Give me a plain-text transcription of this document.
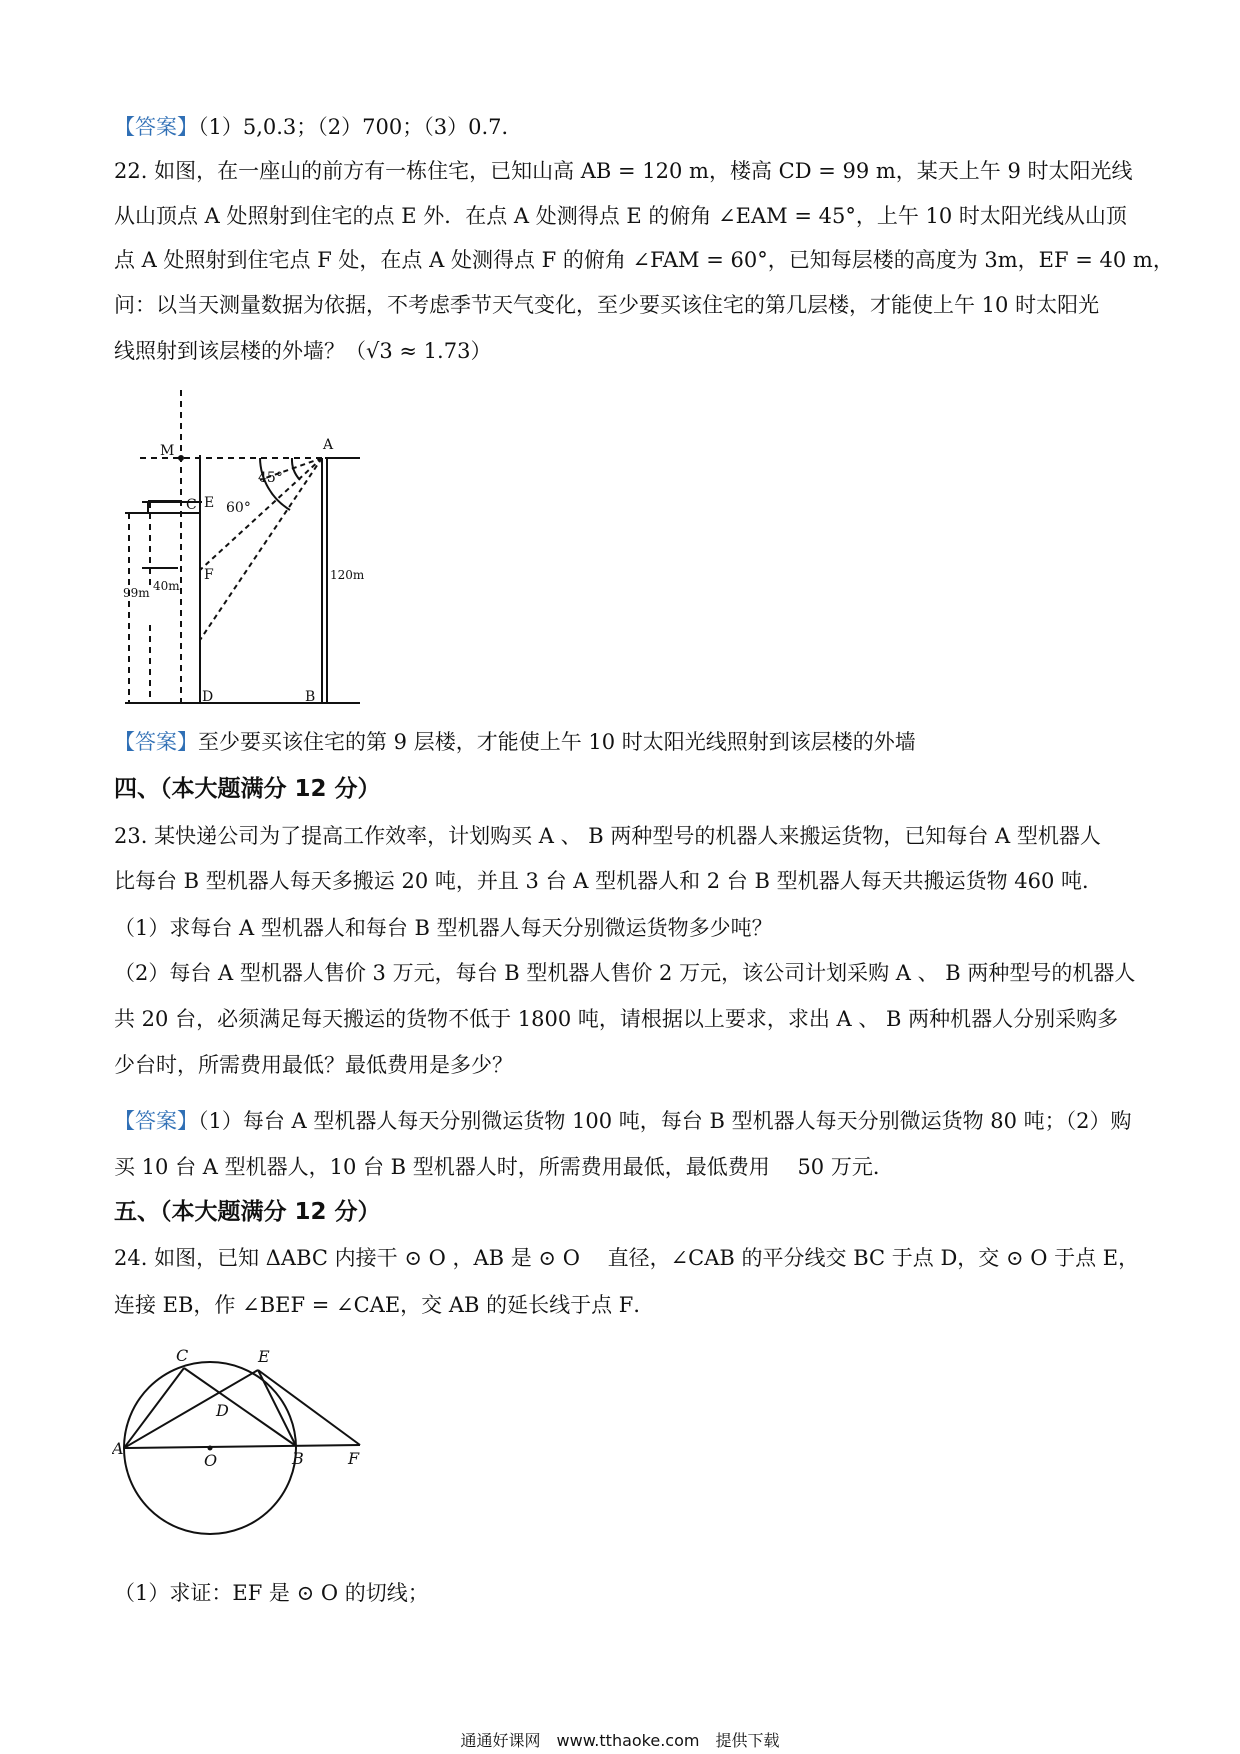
【答案】（1）5,0.3；（2）700；（3）0.7．
22. 如图，在一座山的前方有一栋住宅，已知山高 AB = 120 m，楼高 CD = 99 m，某天上午 9 时太阳光线
从山顶点 A 处照射到住宅的点 E 外．在点 A 处测得点 E 的俯角 ∠EAM = 45°，上午 10 时太阳光线从山顶
点 A 处照射到住宅点 F 处，在点 A 处测得点 F 的俯角 ∠FAM = 60°，已知每层楼的高度为 3m，EF = 40 m，
问：以当天测量数据为依据，不考虑季节天气变化，至少要买该住宅的第几层楼，才能使上午 10 时太阳光
线照射到该层楼的外墙？（√3 ≈ 1.73）
M	A
C E
F
D	B
45°
60°
99m 40m
120m
【答案】至少要买该住宅的第 9 层楼，才能使上午 10 时太阳光线照射到该层楼的外墙
四、（本大题满分 12 分）
23. 某快递公司为了提高工作效率，计划购买 A 、 B 两种型号的机器人来搬运货物，已知每台 A 型机器人
比每台 B 型机器人每天多搬运 20 吨，并且 3 台 A 型机器人和 2 台 B 型机器人每天共搬运货物 460 吨．
（1）求每台 A 型机器人和每台 B 型机器人每天分别微运货物多少吨？
（2）每台 A 型机器人售价 3 万元，每台 B 型机器人售价 2 万元，该公司计划采购 A 、 B 两种型号的机器人
共 20 台，必须满足每天搬运的货物不低于 1800 吨，请根据以上要求，求出 A 、 B 两种机器人分别采购多
少台时，所需费用最低？最低费用是多少？
【答案】（1）每台 A 型机器人每天分别微运货物 100 吨，每台 B 型机器人每天分别微运货物 80 吨；（2）购
买 10 台 A 型机器人，10 台 B 型机器人时，所需费用最低，最低费用　 50 万元．
五、（本大题满分 12 分）
24. 如图，已知 ΔABC 内接干 ⊙ O ，AB 是 ⊙ O 　直径，∠CAB 的平分线交 BC 于点 D，交 ⊙ O 于点 E，
连接 EB，作 ∠BEF = ∠CAE，交 AB 的延长线于点 F．
C	E
D
A
O	B	F
（1）求证：EF 是 ⊙ O 的切线；
通通好课网　www.tthaoke.com　提供下载
